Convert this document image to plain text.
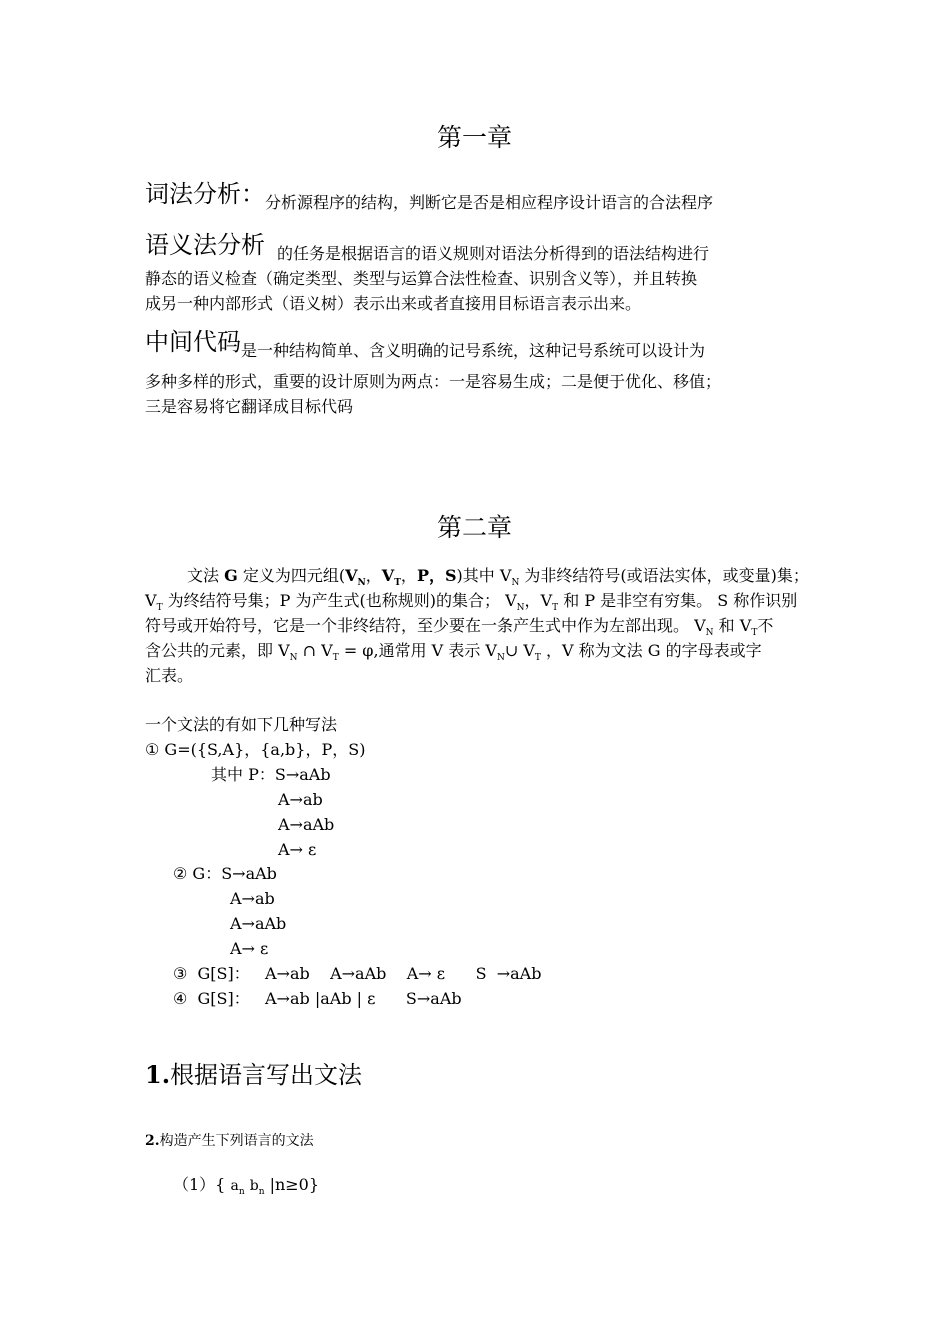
第一章
词法分析：分析源程序的结构，判断它是否是相应程序设计语言的合法程序
语义法分析 的任务是根据语言的语义规则对语法分析得到的语法结构进行
静态的语义检查（确定类型、类型与运算合法性检查、识别含义等），并且转换
成另一种内部形式（语义树）表示出来或者直接用目标语言表示出来。
中间代码是一种结构简单、含义明确的记号系统，这种记号系统可以设计为
多种多样的形式，重要的设计原则为两点：一是容易生成；二是便于优化、移值；
三是容易将它翻译成目标代码
第二章
文法 G 定义为四元组($V_N$，$V_T$，P，S)其中 $V_N$ 为非终结符号(或语法实体，或变量)集；
$V_T$ 为终结符号集；P 为产生式(也称规则)的集合； $V_N$，$V_T$ 和 P 是非空有穷集。 S 称作识别
符号或开始符号，它是一个非终结符，至少要在一条产生式中作为左部出现。 $V_N$ 和 $V_T$不
含公共的元素，即 $V_N$ ∩ $V_T = \varphi$,通常用 V 表示 $V_N\cup$ $V_T$ ，V 称为文法 G 的字母表或字
汇表。
一个文法的有如下几种写法
① G=({S,A}，{a,b}，P，S)
其中 P：S→aAb
A→ab
A→aAb
A→ ε
② G：S→aAb
A→ab
A→aAb
A→ ε
③  G[S]：   A→ab    A→aAb    A→ ε      S  →aAb
④  G[S]：   A→ab |aAb | ε      S→aAb
1.根据语言写出文法
2.构造产生下列语言的文法
（1）{ $a_n$ $b_n$ |n≥0}
